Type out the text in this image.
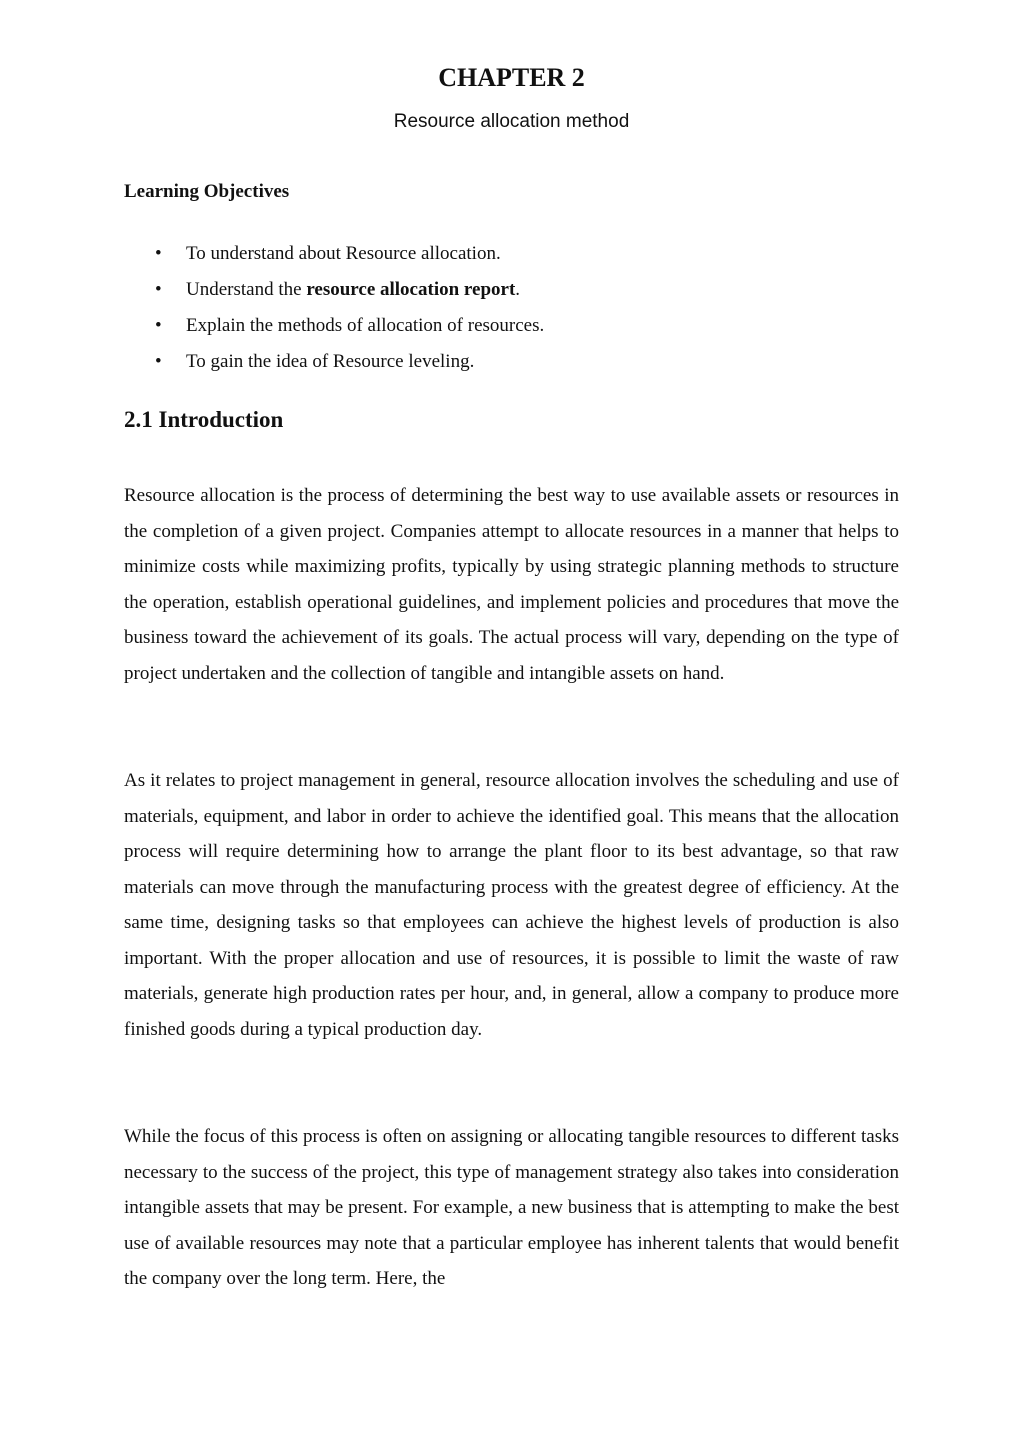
CHAPTER 2

Resource allocation method

Learning Objectives
• To understand about Resource allocation.
• Understand the resource allocation report.
• Explain the methods of allocation of resources.
• To gain the idea of Resource leveling.
2.1 Introduction

Resource allocation is the process of determining the best way to use available assets or resources in the completion of a given project. Companies attempt to allocate resources in a manner that helps to minimize costs while maximizing profits, typically by using strategic planning methods to structure the operation, establish operational guidelines, and implement policies and procedures that move the business toward the achievement of its goals. The actual process will vary, depending on the type of project undertaken and the collection of tangible and intangible assets on hand.

As it relates to project management in general, resource allocation involves the scheduling and use of materials, equipment, and labor in order to achieve the identified goal. This means that the allocation process will require determining how to arrange the plant floor to its best advantage, so that raw materials can move through the manufacturing process with the greatest degree of efficiency. At the same time, designing tasks so that employees can achieve the highest levels of production is also important. With the proper allocation and use of resources, it is possible to limit the waste of raw materials, generate high production rates per hour, and, in general, allow a company to produce more finished goods during a typical production day.

While the focus of this process is often on assigning or allocating tangible resources to different tasks necessary to the success of the project, this type of management strategy also takes into consideration intangible assets that may be present. For example, a new business that is attempting to make the best use of available resources may note that a particular employee has inherent talents that would benefit the company over the long term. Here, the
